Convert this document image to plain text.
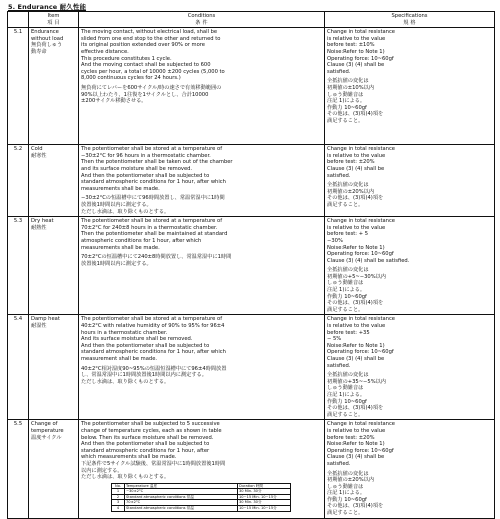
5. Endurance 耐久性能

Item
項 目

Conditions
条 件

Specifications
規 格

5.1	Endurance
without load
無負荷しゅう
動寿命

The moving contact, without electrical load, shall be
slided from one end stop to the other and returned to
its original position extended over 90% or more
effective distance.
This procedure constitutes 1 cycle.
And the moving contact shall be subjected to 600
cycles per hour, a total of 10000 ±200 cycles (5,000 to
8,000 continuous cycles for 24 hours.)
無負荷にてレバーを600サイクル/時の速さで有効移動範囲の
90%以上わたり、1往復を1サイクルとし、合計10000
±200サイクル移動させる。

Change in total resistance
is relative to the value
before test: ±10%
Noise:Refer to Note 1)
Operating force: 10~60gf
Clause (3) (4) shall be
satisfied.
全抵抗値の変化は
初期値の±10%以内
しゅう動雑音は
注記 1)による。
作動力 10~60gf
その他は、(3)項(4)項を
満足すること。

5.2	Cold
耐寒性

The potentiometer shall be stored at a temperature of
−30±2°C for 96 hours in a thermostatic chamber.
Then the potentiometer shall be taken out of the chamber
and its surface moisture shall be removed.
And then the potentiometer shall be subjected to
standard atmospheric conditions for 1 hour, after which
measurements shall be made.
−30±2°Cの恒温槽中にて96時間放置し、常温常湿中に1時間
放置後1時間以内に測定する。
ただし水滴は、取り除くものとする。

Change in total resistance
is relative to the value
before test: ±20%
Clause (3) (4) shall be
satisfied.
全抵抗値の変化は
初期値の±20%以内
その他は、(3)項(4)項を
満足すること。

5.3	Dry heat
耐熱性

The potentiometer shall be stored at a temperature of
70±2°C for 240±8 hours in a thermostatic chamber.
Then the potentiometer shall be maintained at standard
atmospheric conditions for 1 hour, after which
measurements shall be made.
70±2°Cの恒温槽中にて240±8時間放置し、常温常湿中に1時間
放置後1時間以内に測定する。

Change in total resistance
is relative to the value
before test: + 5
−30%
Noise:Refer to Note 1)
Operating force: 10~60gf
Clause (3) (4) shall be satisfied.
全抵抗値の変化は
初期値の+5~−30%以内
しゅう動雑音は
注記 1)による。
作動力 10~60gf
その他は、(3)項(4)項を
満足すること。

5.4	Damp heat
耐湿性

The potentiometer shall be stored at a temperature of
40±2°C with relative humidity of 90% to 95% for 96±4
hours in a thermostatic chamber.
And its surface moisture shall be removed.
And then the potentiometer shall be subjected to
standard atmospheric conditions for 1 hour, after which
measurement shall be made.
40±2°C相対湿度90~95%の恒温恒湿槽中にて96±4時間放置
し、常温常湿中に1時間放置後1時間以内に測定する。
ただし水滴は、取り除くものとする。

Change in total resistance
is relative to the value
before test: +35
− 5%
Noise:Refer to Note 1)
Operating force: 10~60gf
Clause (3) (4) shall be
satisfied.
全抵抗値の変化は
初期値の+35~−5%以内
しゅう動雑音は
注記 1)による。
作動力 10~60gf
その他は、(3)項(4)項を
満足すること。

5.5	Change of
temperature
温度サイクル

The potentiometer shall be subjected to 5 successive
change of temperature cycles, each as shown in table
below. Then its surface moisture shall be removed.
And then the potentiometer shall be subjected to
standard atmospheric conditions for 1 hour, after
which measurements shall be made.
下記条件で5サイクル試験後、常温常湿中に1時間放置後1時間
以内に測定する。
ただし水滴は、取り除くものとする。
No.	Temperature 温度	Duration 時間
1	−30±2°C	30 Min. 30分
2	Standard atmospheric conditions 常温	10~15 Min. 10~15分
3	70±2°C	30 Min. 30分
4	Standard atmospheric conditions 常温	10~15 Min. 10~15分

Change in total resistance
is relative to the value
before test: ±20%
Noise:Refer to Note 1)
Operating force: 10~60gf
Clause (3) (4) shall be
satisfied.
全抵抗値の変化は
初期値の±20%以内
しゅう動雑音は
注記 1)による。
作動力 10~60gf
その他は、(3)項(4)項を
満足すること。
